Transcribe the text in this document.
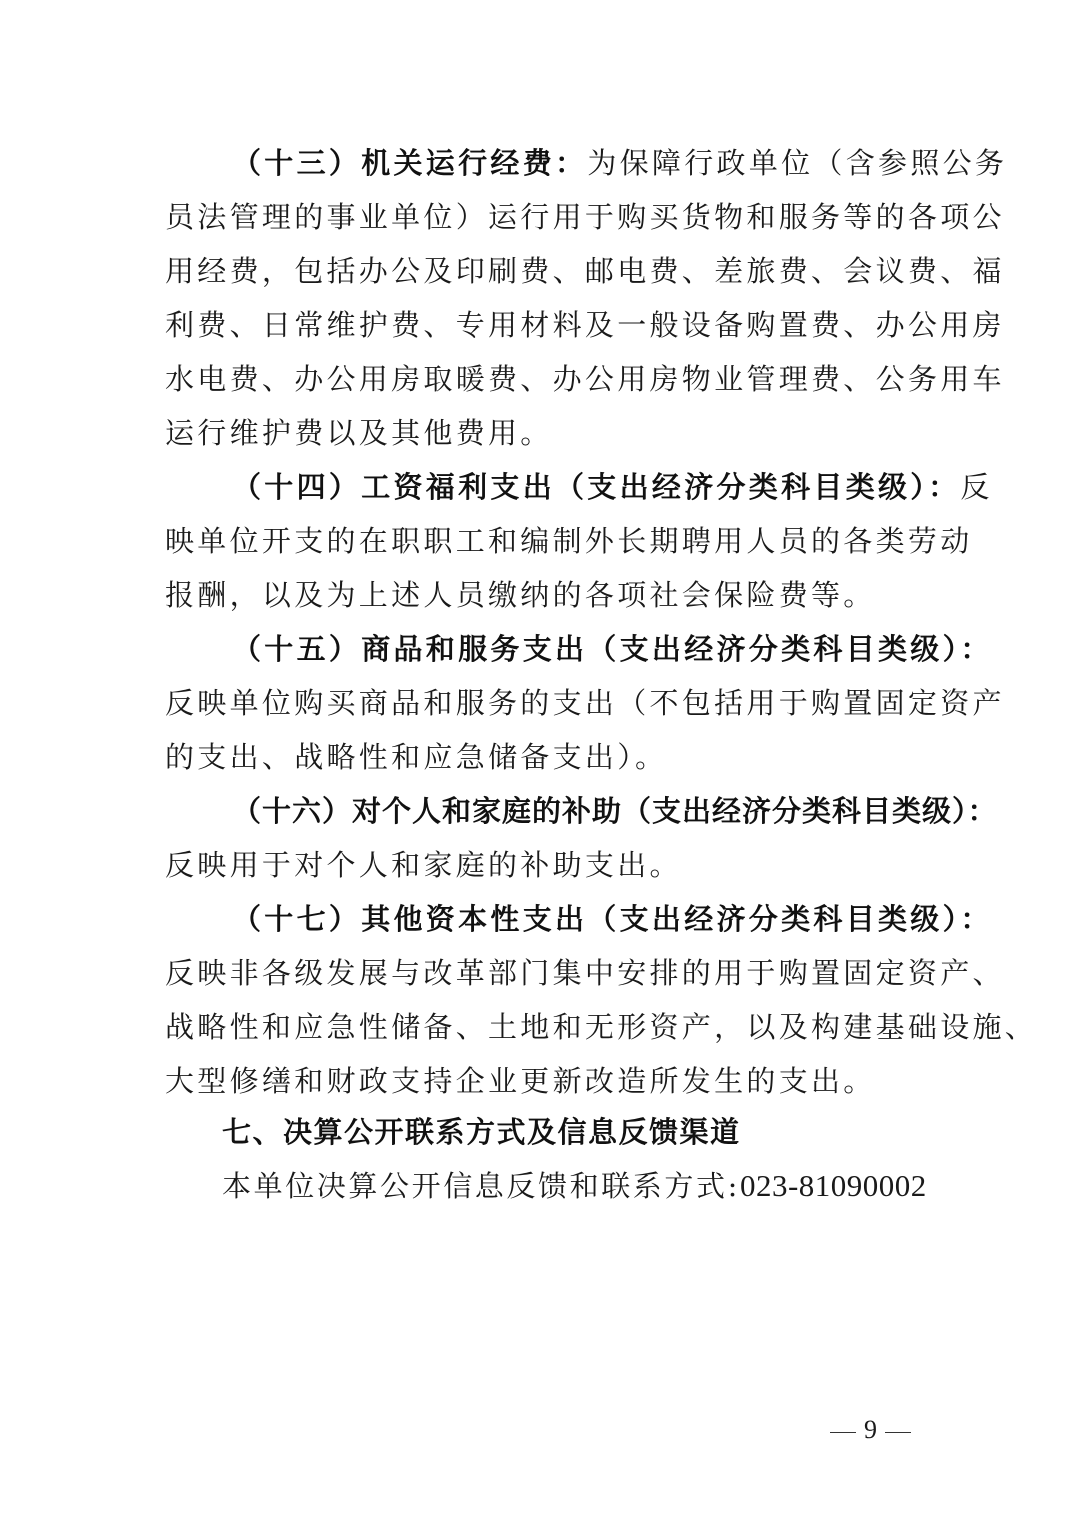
（十三）机关运行经费：为保障行政单位（含参照公务
员法管理的事业单位）运行用于购买货物和服务等的各项公
用经费，包括办公及印刷费、邮电费、差旅费、会议费、福
利费、日常维护费、专用材料及一般设备购置费、办公用房
水电费、办公用房取暖费、办公用房物业管理费、公务用车
运行维护费以及其他费用。
（十四）工资福利支出（支出经济分类科目类级）：反
映单位开支的在职职工和编制外长期聘用人员的各类劳动
报酬，以及为上述人员缴纳的各项社会保险费等。
（十五）商品和服务支出（支出经济分类科目类级）：
反映单位购买商品和服务的支出（不包括用于购置固定资产
的支出、战略性和应急储备支出）。
（十六）对个人和家庭的补助（支出经济分类科目类级）：
反映用于对个人和家庭的补助支出。
（十七）其他资本性支出（支出经济分类科目类级）：
反映非各级发展与改革部门集中安排的用于购置固定资产、
战略性和应急性储备、土地和无形资产，以及构建基础设施、
大型修缮和财政支持企业更新改造所发生的支出。
七、决算公开联系方式及信息反馈渠道
本单位决算公开信息反馈和联系方式:023-81090002
9
